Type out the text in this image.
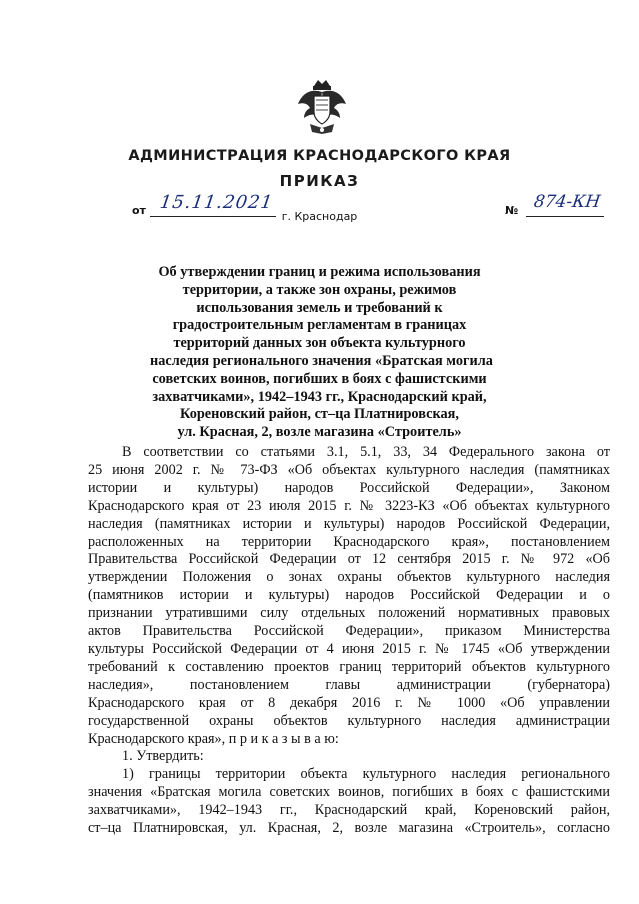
АДМИНИСТРАЦИЯ КРАСНОДАРСКОГО КРАЯ
ПРИКАЗ
от 15.11.2021
г. Краснодар	№ 874-КН
Об утверждении границ и режима использования
территории, а также зон охраны, режимов
использования земель и требований к
градостроительным регламентам в границах
территорий данных зон объекта культурного
наследия регионального значения «Братская могила
советских воинов, погибших в боях с фашистскими
захватчиками», 1942–1943 гг., Краснодарский край,
Кореновский район, ст–ца Платнировская,
ул. Красная, 2, возле магазина «Строитель»
В соответствии со статьями 3.1, 5.1, 33, 34 Федерального закона от
25 июня 2002 г. № 73-ФЗ «Об объектах культурного наследия (памятниках
истории и культуры) народов Российской Федерации», Законом
Краснодарского края от 23 июля 2015 г. № 3223-КЗ «Об объектах культурного
наследия (памятниках истории и культуры) народов Российской Федерации,
расположенных на территории Краснодарского края», постановлением
Правительства Российской Федерации от 12 сентября 2015 г. № 972 «Об
утверждении Положения о зонах охраны объектов культурного наследия
(памятников истории и культуры) народов Российской Федерации и о
признании утратившими силу отдельных положений нормативных правовых
актов Правительства Российской Федерации», приказом Министерства
культуры Российской Федерации от 4 июня 2015 г. № 1745 «Об утверждении
требований к составлению проектов границ территорий объектов культурного
наследия», постановлением главы администрации (губернатора)
Краснодарского края от 8 декабря 2016 г. № 1000 «Об управлении
государственной охраны объектов культурного наследия администрации
Краснодарского края», п р и к а з ы в а ю:
1. Утвердить:
1) границы территории объекта культурного наследия регионального
значения «Братская могила советских воинов, погибших в боях с фашистскими
захватчиками», 1942–1943 гг., Краснодарский край, Кореновский район,
ст–ца Платнировская, ул. Красная, 2, возле магазина «Строитель», согласно
